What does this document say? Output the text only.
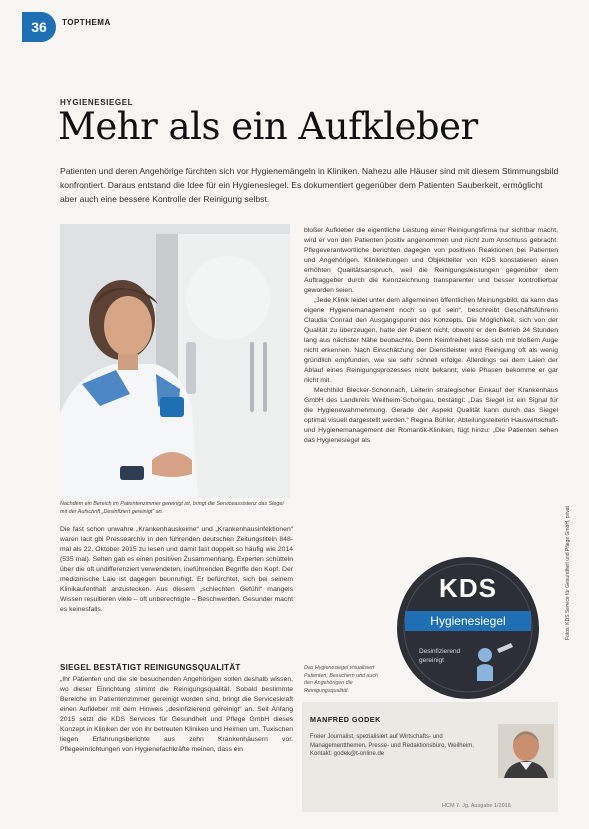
36	TOPTHEMA
HYGIENESIEGEL
Mehr als ein Aufkleber
Patienten und deren Angehörige fürchten sich vor Hygienemängeln in Kliniken. Nahezu alle Häuser sind mit diesem Stimmungsbild konfrontiert. Daraus entstand die Idee für ein Hygienesiegel. Es dokumentiert gegenüber dem Patienten Sauberkeit, ermöglicht aber auch eine bessere Kontrolle der Reinigung selbst.
Nachdem ein Bereich im Patientenzimmer gereinigt ist, bringt die Serviceassistenz das Siegel mit der Aufschrift „Desinfiziert gereinigt“ an.

bloßer Aufkleber die eigentliche Leistung einer Reinigungsfirma nur sichtbar macht, wird er von den Patienten positiv angenommen und nicht zum Anschluss gebracht. Pflegeverantwortliche berichten dagegen von positiven Reaktionen bei Patienten und Angehörigen. Klinikleitungen und Objektleiter von KDS konstatieren einen erhöhten Qualitätsanspruch, weil die Reinigungsleistungen gegenüber dem Auftraggeber durch die Kennzeichnung transparenter und besser kontrollierbar geworden seien.

„Jede Klinik leidet unter dem allgemeinen öffentlichen Meinungsbild, da kann das eigene Hygienemanagement noch so gut sein“, beschreibt Geschäftsführerin Claudia Conrad den Ausgangspunkt des Konzepts. Die Möglichkeit, sich von der Qualität zu überzeugen, hatte der Patient nicht, obwohl er den Betrieb 24 Stunden lang aus nächster Nähe beobachte. Denn Keimfreiheit lasse sich mit bloßem Auge nicht erkennen. Nach Einschätzung der Dienstleister wird Reinigung oft als wenig gründlich empfunden, wie sie sehr schnell erfolge. Allerdings sei dem Laien der Ablauf eines Reinigungsprozesses nicht bekannt; viele Phasen bekomme er gar nicht mit.

Mechthild Blecker-Schonnach, Leiterin strategischer Einkauf der Krankenhaus GmbH des Landkreis Weilheim-Schongau, bestätigt: „Das Siegel ist ein Signal für die Hygienewahrnehmung. Gerade der Aspekt Qualität kann durch das Siegel optimal visuell dargestellt werden.“ Regina Bühler, Abteilungsleiterin Hauswirtschaft- und Hygienemanagement der Romantik-Kliniken, fügt hinzu: „Die Patienten sehen das Hygienesiegel als

Die fast schon unwahre „Krankenhauskeime“ und „Krankenhausinfektionen“ waren laut gbi Pressearchiv in den führenden deutschen Zeitungstiteln 848-mal als 22. Oktober 2015 zu lesen und damit fast doppelt so häufig wie 2014 (535 mal). Selten gab es einen positiven Zusammenhang. Experten schütteln über die oft undifferenziert verwendeten, ineführenden Begriffe den Kopf. Der medizinische Laie ist dagegen beunruhigt. Er befürchtet, sich bei seinem Klinikaufenthalt anzustecken. Aus diesem „schlechten Gefühl“ mangels Wissen resultieren viele – oft unberechtigte – Beschwerden. Gesunder macht es keinesfalls.

SIEGEL BESTÄTIGT REINIGUNGSQUALITÄT

„Ihr Patienten und die sie besuchenden Angehörigen sollen deshalb wissen, wo dieser Einrichtung stimmt die Reinigungsqualität. Sobald bestimmte Bereiche im Patientenzimmer gereinigt worden sind, bringt die Serviceskraft einen Aufkleber mit dem Hinweis „desinfizierend gereinigt“ an. Seit Anfang 2015 setzt die KDS Services für Gesundheit und Pflege GmbH dieses Konzept in Kliniken der von ihr betreuten Kliniken und Heimen um. Tuxischen liegen Erfahrungsberichte aus zehn Krankenhäusern vor. Pflegeeinrichtungen von Hygienefachkräfte meinen, dass ein

KDS
Hygienesiegel
Desinfizierend gereinigt
Das Hygienesiegel visualisiert Patienten, Besuchern und auch den Angehörigen die Reinigungsqualität.
MANFRED GODEK
Freier Journalist, spezialisiert auf Wirtschafts- und Managementthemen, Presse- und Redaktionsbüro, Weilheim, Kontakt: godek@t-online.de
HCM 7. Jg. Ausgabe 1/2016
Fotos: KDS Service für Gesundheit und Pflege GmbH, privat
